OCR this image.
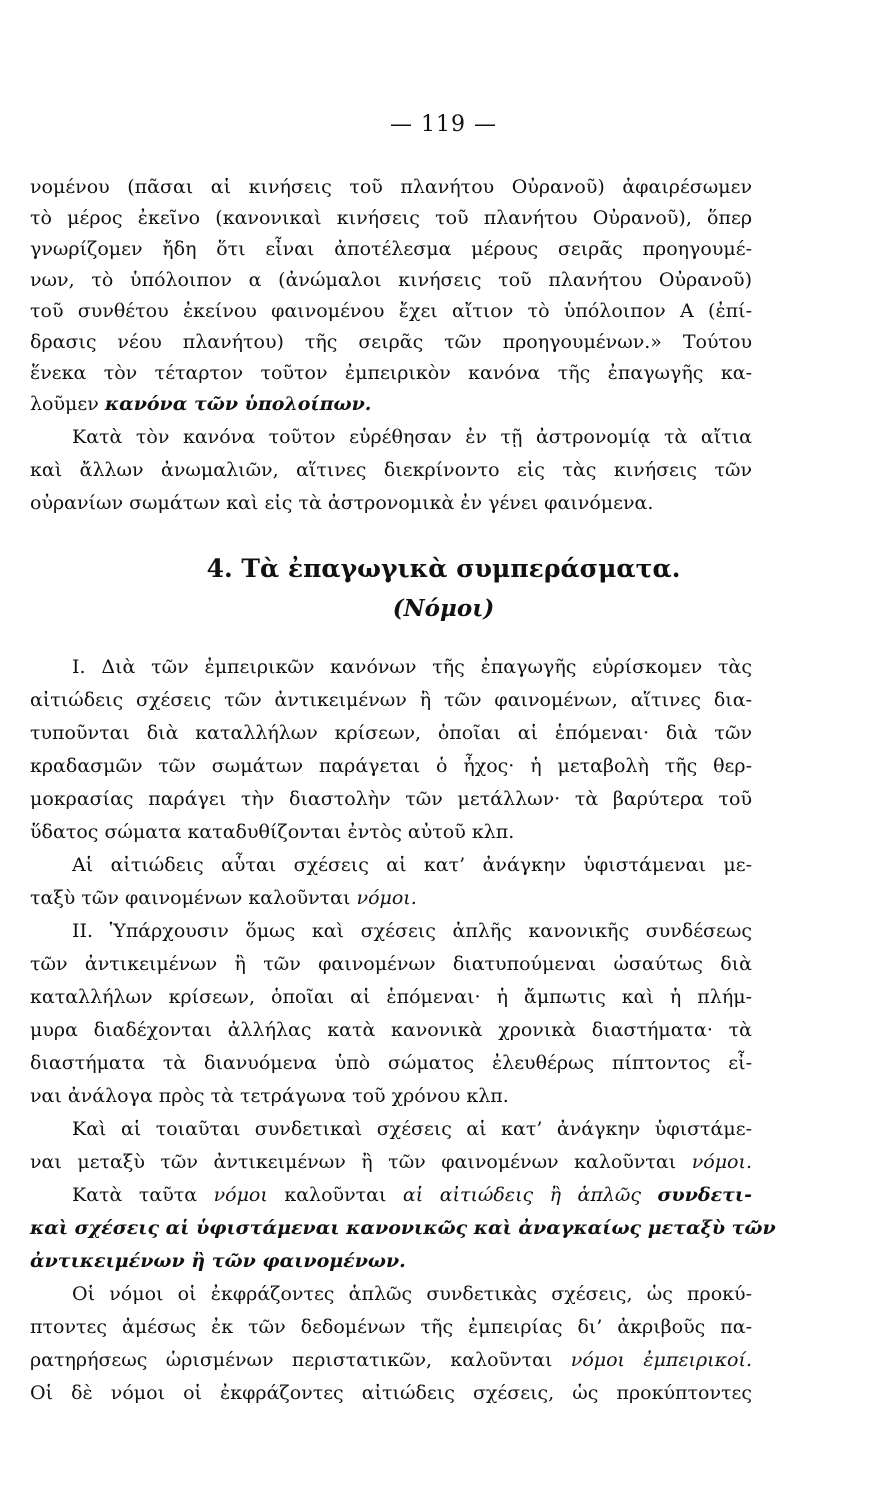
— 119 —
νομένου (πᾶσαι αἱ κινήσεις τοῦ πλανήτου Οὐρανοῦ) ἀφαιρέσωμεν
τὸ μέρος ἐκεῖνο (κανονικαὶ κινήσεις τοῦ πλανήτου Οὐρανοῦ), ὅπερ
γνωρίζομεν ἤδη ὅτι εἶναι ἀποτέλεσμα μέρους σειρᾶς προηγουμέ-
νων, τὸ ὑπόλοιπον α (ἀνώμαλοι κινήσεις τοῦ πλανήτου Οὐρανοῦ)
τοῦ συνθέτου ἐκείνου φαινομένου ἔχει αἴτιον τὸ ὑπόλοιπον Α (ἐπί-
δρασις νέου πλανήτου) τῆς σειρᾶς τῶν προηγουμένων.» Τούτου
ἕνεκα τὸν τέταρτον τοῦτον ἐμπειρικὸν κανόνα τῆς ἐπαγωγῆς κα-
λοῦμεν κανόνα τῶν ὑπολοίπων.
Κατὰ τὸν κανόνα τοῦτον εὑρέθησαν ἐν τῇ ἀστρονομίᾳ τὰ αἴτια
καὶ ἄλλων ἀνωμαλιῶν, αἵτινες διεκρίνοντο εἰς τὰς κινήσεις τῶν
οὐρανίων σωμάτων καὶ εἰς τὰ ἀστρονομικὰ ἐν γένει φαινόμενα.
4. Τὰ ἐπαγωγικὰ συμπεράσματα.
(Νόμοι)
Ι. Διὰ τῶν ἐμπειρικῶν κανόνων τῆς ἐπαγωγῆς εὑρίσκομεν τὰς
αἰτιώδεις σχέσεις τῶν ἀντικειμένων ἢ τῶν φαινομένων, αἵτινες δια-
τυποῦνται διὰ καταλλήλων κρίσεων, ὁποῖαι αἱ ἑπόμεναι· διὰ τῶν
κραδασμῶν τῶν σωμάτων παράγεται ὁ ἦχος· ἡ μεταβολὴ τῆς θερ-
μοκρασίας παράγει τὴν διαστολὴν τῶν μετάλλων· τὰ βαρύτερα τοῦ
ὕδατος σώματα καταδυθίζονται ἐντὸς αὐτοῦ κλπ.
Αἱ αἰτιώδεις αὗται σχέσεις αἱ κατ’ ἀνάγκην ὑφιστάμεναι με-
ταξὺ τῶν φαινομένων καλοῦνται νόμοι.
ΙΙ. Ὑπάρχουσιν ὅμως καὶ σχέσεις ἁπλῆς κανονικῆς συνδέσεως
τῶν ἀντικειμένων ἢ τῶν φαινομένων διατυπούμεναι ὡσαύτως διὰ
καταλλήλων κρίσεων, ὁποῖαι αἱ ἑπόμεναι· ἡ ἄμπωτις καὶ ἡ πλήμ-
μυρα διαδέχονται ἀλλήλας κατὰ κανονικὰ χρονικὰ διαστήματα· τὰ
διαστήματα τὰ διανυόμενα ὑπὸ σώματος ἐλευθέρως πίπτοντος εἶ-
ναι ἀνάλογα πρὸς τὰ τετράγωνα τοῦ χρόνου κλπ.
Καὶ αἱ τοιαῦται συνδετικαὶ σχέσεις αἱ κατ’ ἀνάγκην ὑφιστάμε-
ναι μεταξὺ τῶν ἀντικειμένων ἢ τῶν φαινομένων καλοῦνται νόμοι.
Κατὰ ταῦτα νόμοι καλοῦνται αἱ αἰτιώδεις ἢ ἁπλῶς συνδετι-
καὶ σχέσεις αἱ ὑφιστάμεναι κανονικῶς καὶ ἀναγκαίως μεταξὺ τῶν
ἀντικειμένων ἢ τῶν φαινομένων.
Οἱ νόμοι οἱ ἐκφράζοντες ἁπλῶς συνδετικὰς σχέσεις, ὡς προκύ-
πτοντες ἀμέσως ἐκ τῶν δεδομένων τῆς ἐμπειρίας δι’ ἀκριβοῦς πα-
ρατηρήσεως ὡρισμένων περιστατικῶν, καλοῦνται νόμοι ἐμπειρικοί.
Οἱ δὲ νόμοι οἱ ἐκφράζοντες αἰτιώδεις σχέσεις, ὡς προκύπτοντες
